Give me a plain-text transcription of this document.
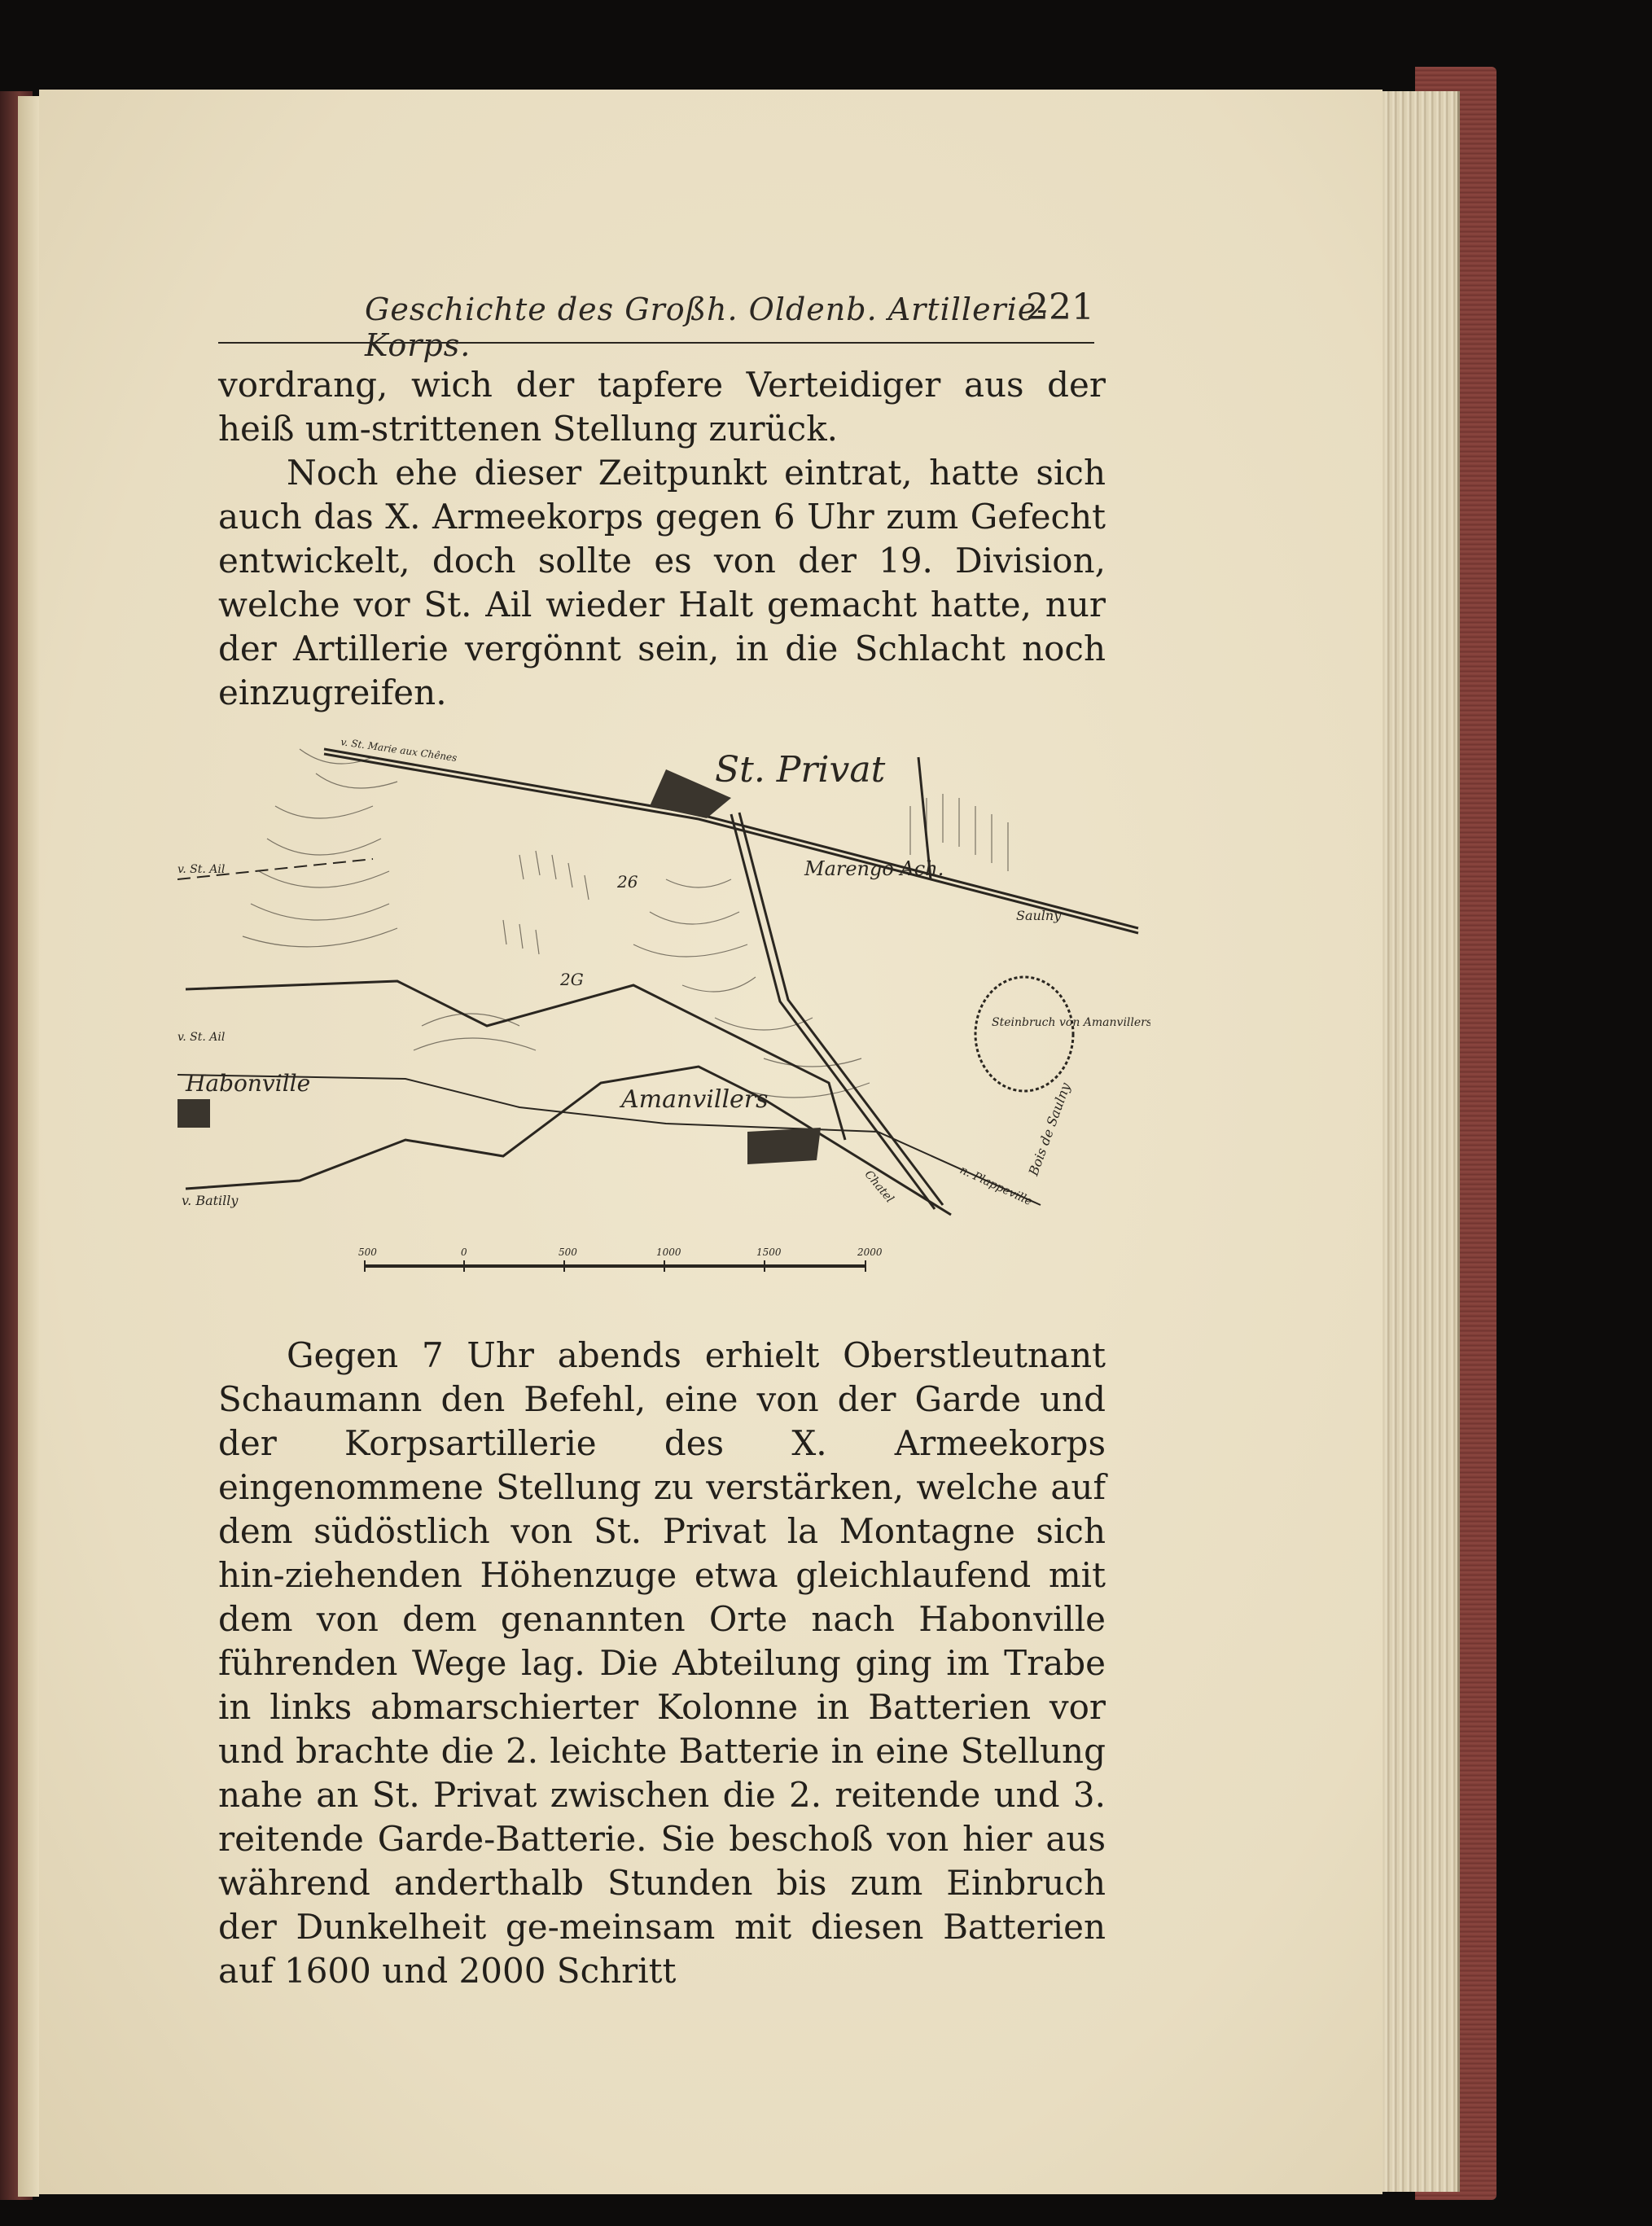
Geschichte des Großh. Oldenb. Artillerie-Korps.
221

vordrang, wich der tapfere Verteidiger aus der heiß um-strittenen Stellung zurück.

Noch ehe dieser Zeitpunkt eintrat, hatte sich auch das X. Armeekorps gegen 6 Uhr zum Gefecht entwickelt, doch sollte es von der 19. Division, welche vor St. Ail wieder Halt gemacht hatte, nur der Artillerie vergönnt sein, in die Schlacht noch einzugreifen.

St. Privat
Marengo Ach.
Habonville
Amanvillers
Steinbruch von Amanvillers
Bois de Saulny
v. St. Ail
v. St. Ail
v. Batilly
v. St. Marie aux Chênes
26
2G
Saulny
Chatel	n. Plappeville
500	0	500	1000	1500	2000

Gegen 7 Uhr abends erhielt Oberstleutnant Schaumann den Befehl, eine von der Garde und der Korpsartillerie des X. Armeekorps eingenommene Stellung zu verstärken, welche auf dem südöstlich von St. Privat la Montagne sich hin-ziehenden Höhenzuge etwa gleichlaufend mit dem von dem genannten Orte nach Habonville führenden Wege lag. Die Abteilung ging im Trabe in links abmarschierter Kolonne in Batterien vor und brachte die 2. leichte Batterie in eine Stellung nahe an St. Privat zwischen die 2. reitende und 3. reitende Garde-Batterie. Sie beschoß von hier aus während anderthalb Stunden bis zum Einbruch der Dunkelheit ge-meinsam mit diesen Batterien auf 1600 und 2000 Schritt
